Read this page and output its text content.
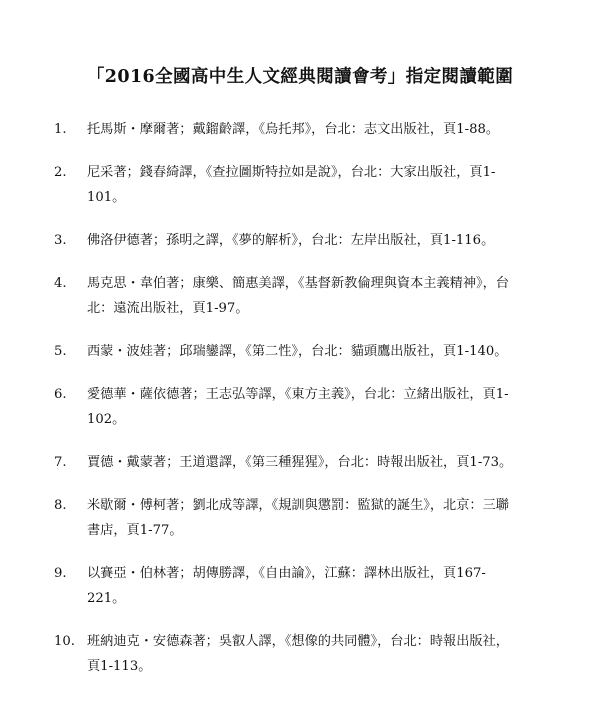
「2016全國高中生人文經典閱讀會考」指定閱讀範圍
1.	托馬斯・摩爾著；戴鎦齡譯，《烏托邦》，台北：志文出版社，頁1-88。
2.	尼采著；錢春綺譯，《查拉圖斯特拉如是說》，台北：大家出版社，頁1-
101。
3.	佛洛伊德著；孫明之譯，《夢的解析》，台北：左岸出版社，頁1-116。
4.	馬克思・韋伯著；康樂、簡惠美譯，《基督新教倫理與資本主義精神》，台
北：遠流出版社，頁1-97。
5.	西蒙・波娃著；邱瑞鑾譯，《第二性》，台北：貓頭鷹出版社，頁1-140。
6.	愛德華・薩依德著；王志弘等譯，《東方主義》，台北：立緒出版社，頁1-
102。
7.	賈德・戴蒙著；王道還譯，《第三種猩猩》，台北：時報出版社，頁1-73。
8.	米歇爾・傅柯著；劉北成等譯，《規訓與懲罰：監獄的誕生》，北京：三聯
書店，頁1-77。
9.	以賽亞・伯林著；胡傳勝譯，《自由論》，江蘇：譯林出版社，頁167-
221。
10. 班納迪克・安德森著；吳叡人譯，《想像的共同體》，台北：時報出版社，
頁1-113。
